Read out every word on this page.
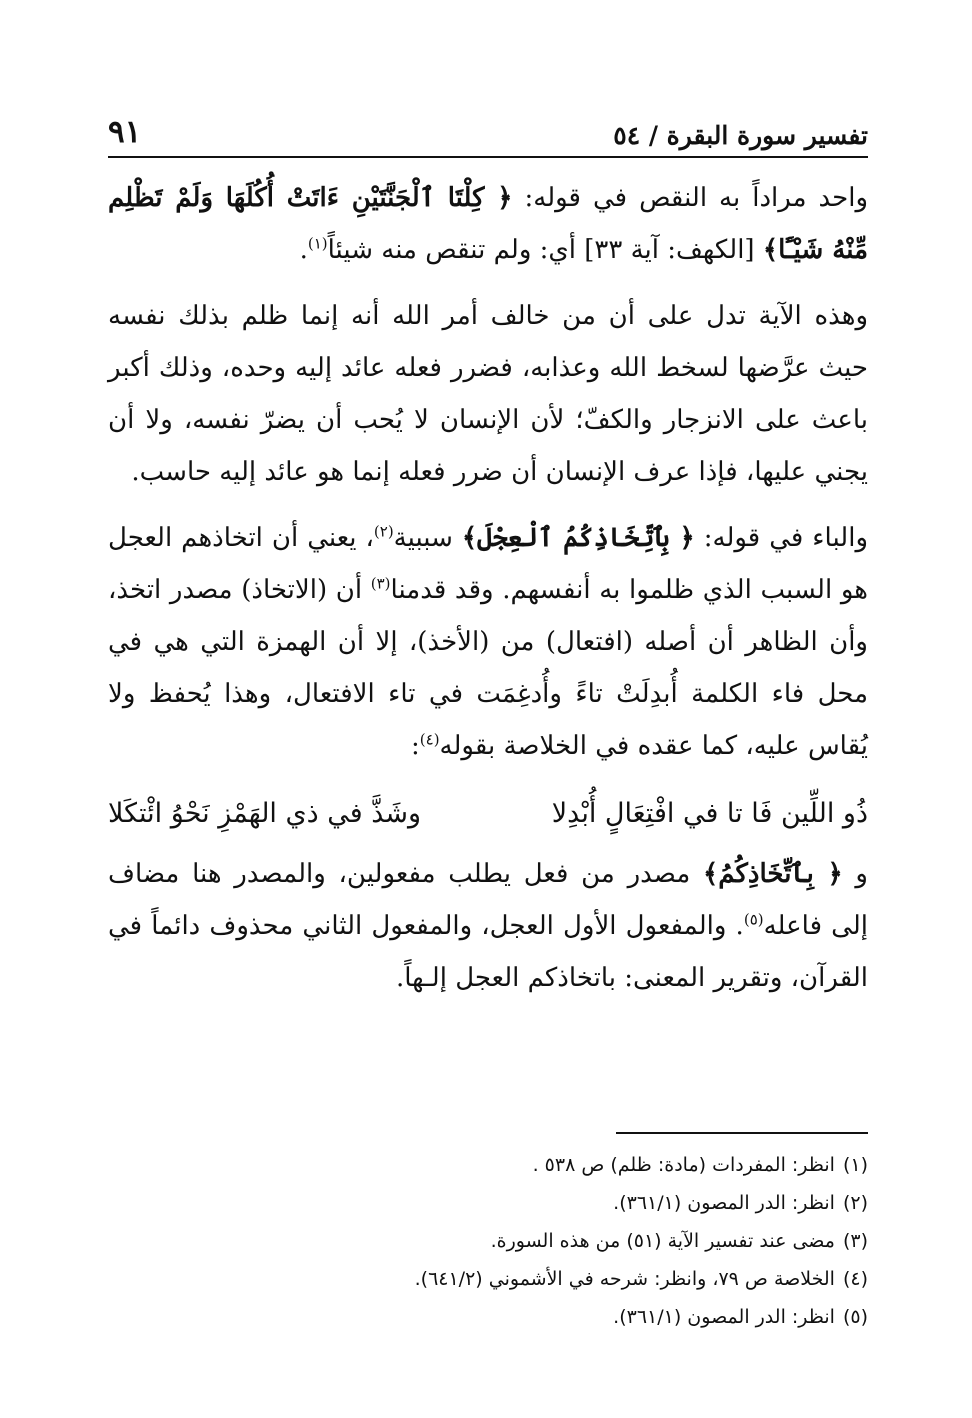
تفسير سورة البقرة / ٥٤
٩١

واحد مراداً به النقص في قوله: ﴿ كِلْتَا ٱلْجَنَّتَيْنِ ءَاتَتْ أُكُلَهَا وَلَمْ تَظْلِم مِّنْهُ شَيْـًٔا﴾ [الكهف: آية ٣٣] أي: ولم تنقص منه شيئاً$^{(١)}$.

وهذه الآية تدل على أن من خالف أمر الله أنه إنما ظلم بذلك نفسه حيث عرَّضها لسخط الله وعذابه، فضرر فعله عائد إليه وحده، وذلك أكبر باعث على الانزجار والكفّ؛ لأن الإنسان لا يُحب أن يضرّ نفسه، ولا أن يجني عليها، فإذا عرف الإنسان أن ضرر فعله إنما هو عائد إليه حاسب.

والباء في قوله: ﴿ بِٱتِّخَاذِكُمُ ٱلْعِجْلَ﴾ سببية$^{(٢)}$، يعني أن اتخاذهم العجل هو السبب الذي ظلموا به أنفسهم. وقد قدمنا$^{(٣)}$ أن (الاتخاذ) مصدر اتخذ، وأن الظاهر أن أصله (افتعال) من (الأخذ)، إلا أن الهمزة التي هي في محل فاء الكلمة أُبدِلَتْ تاءً وأُدغِمَت في تاء الافتعال، وهذا يُحفظ ولا يُقاس عليه، كما عقده في الخلاصة بقوله$^{(٤)}$:

ذُو اللِّين فَا تا في افْتِعَالٍ أُبْدِلا
وشَذَّ في ذي الهَمْزِ نَحْوُ ائْتكَلا

و ﴿ بِٱتِّخَاذِكُمُ﴾ مصدر من فعل يطلب مفعولين، والمصدر هنا مضاف إلى فاعله$^{(٥)}$. والمفعول الأول العجل، والمفعول الثاني محذوف دائماً في القرآن، وتقرير المعنى: باتخاذكم العجل إلـهاً.

(١)انظر: المفردات (مادة: ظلم) ص ٥٣٨ .

(٢)انظر: الدر المصون (٣٦١/١).

(٣)مضى عند تفسير الآية (٥١) من هذه السورة.

(٤)الخلاصة ص ٧٩، وانظر: شرحه في الأشموني (٦٤١/٢).

(٥)انظر: الدر المصون (٣٦١/١).
